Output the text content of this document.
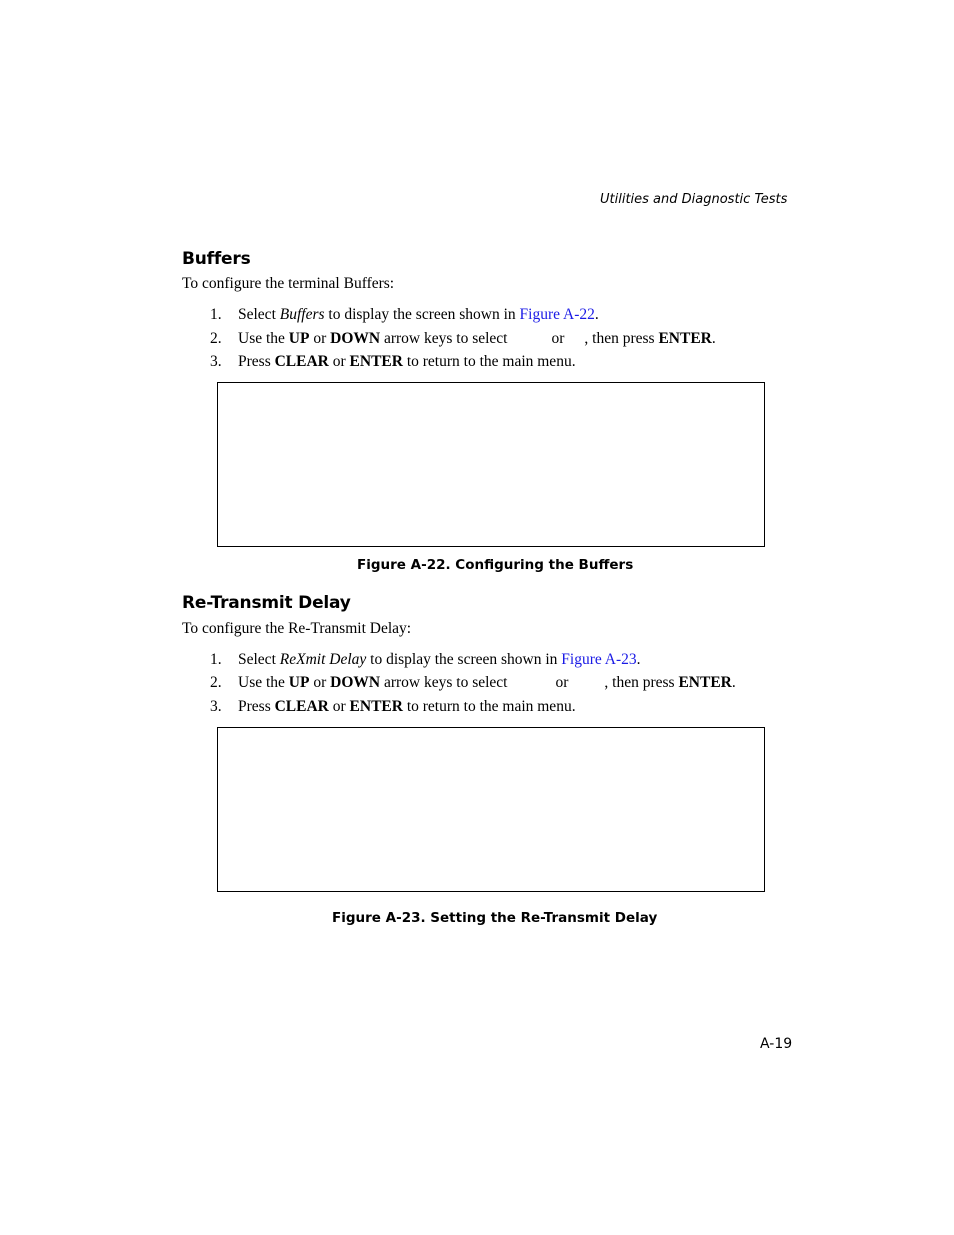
Utilities and Diagnostic Tests
Buffers
To configure the terminal Buffers:
1. Select Buffers to display the screen shown in Figure A-22.
2. Use the UP or DOWN arrow keys to select	or , then press ENTER.
3. Press CLEAR or ENTER to return to the main menu.
Figure A-22. Configuring the Buffers
Re-Transmit Delay
To configure the Re-Transmit Delay:
1. Select ReXmit Delay to display the screen shown in Figure A-23.
2. Use the UP or DOWN arrow keys to select	or , then press ENTER.
3. Press CLEAR or ENTER to return to the main menu.
Figure A-23. Setting the Re-Transmit Delay
A-19
